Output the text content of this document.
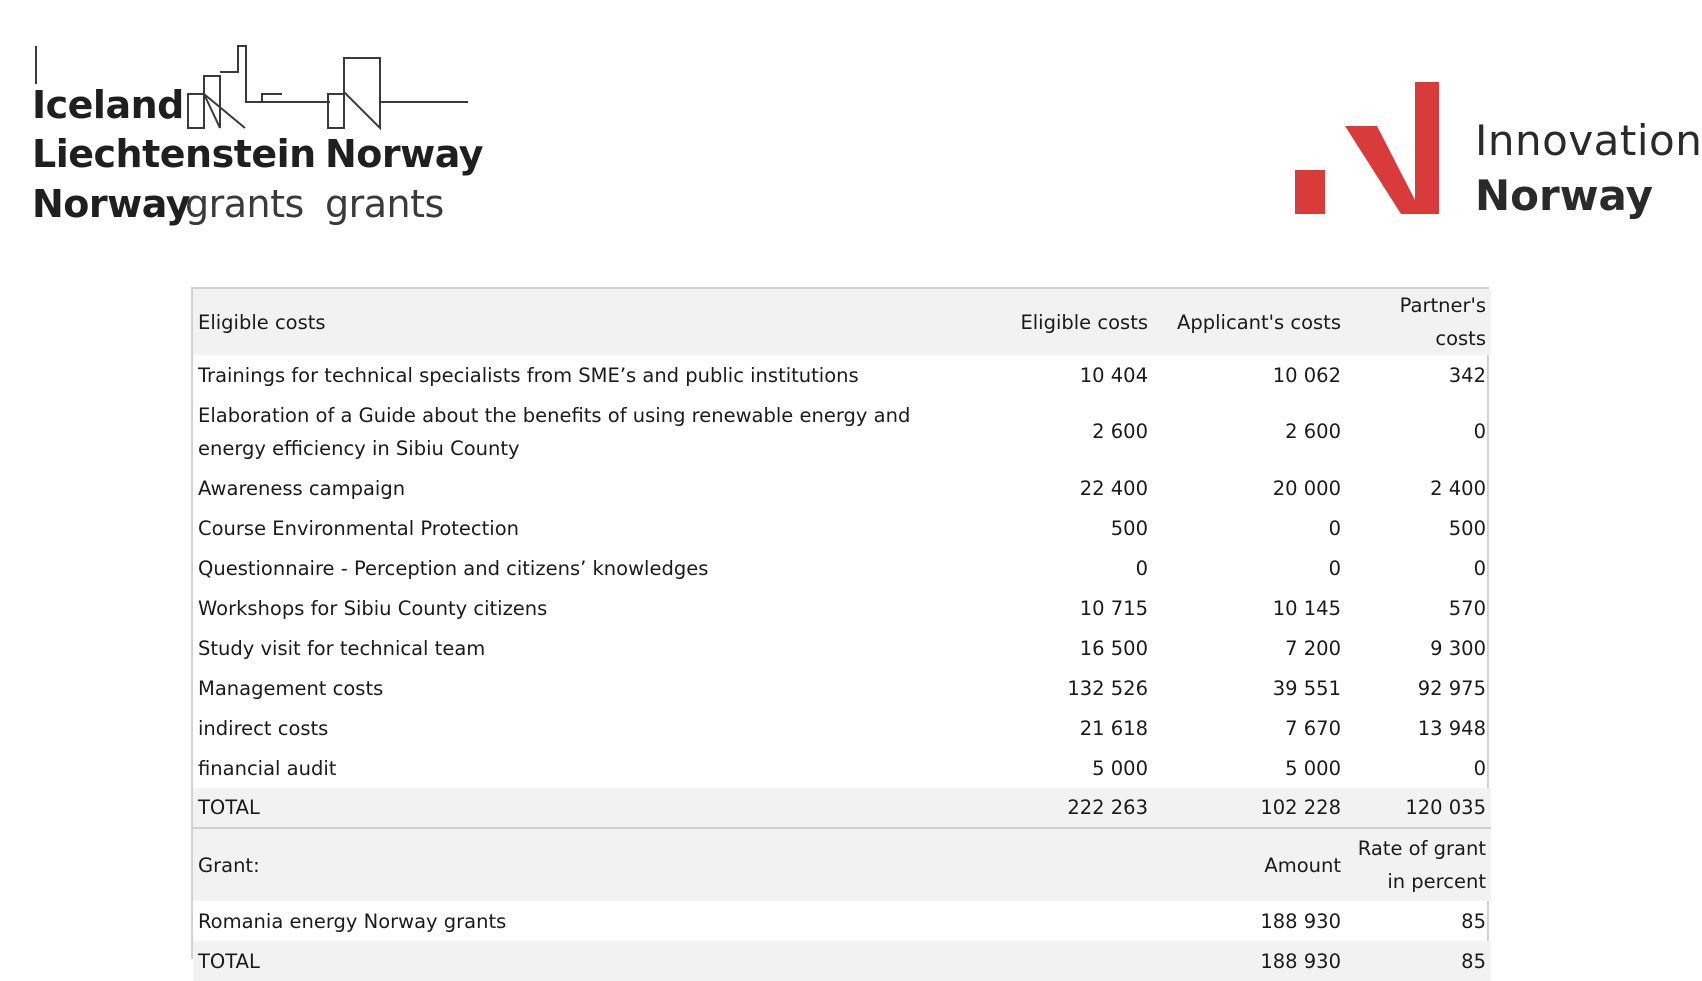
Iceland
Liechtenstein Norway
Norway
grants grants
Innovation
Norway
Eligible costs	Eligible costs	Applicant's costs	Partner's costs
Trainings for technical specialists from SME’s and public institutions	10 404	10 062	342
Elaboration of a Guide about the benefits of using renewable energy and energy efficiency in Sibiu County	2 600	2 600	0
Awareness campaign	22 400	20 000	2 400
Course Environmental Protection	500	0	500
Questionnaire - Perception and citizens’ knowledges	0	0	0
Workshops for Sibiu County citizens	10 715	10 145	570
Study visit for technical team	16 500	7 200	9 300
Management costs	132 526	39 551	92 975
indirect costs	21 618	7 670	13 948
financial audit	5 000	5 000	0
TOTAL	222 263	102 228	120 035
Grant:		Amount	Rate of grant in percent
Romania energy Norway grants		188 930	85
TOTAL		188 930	85
